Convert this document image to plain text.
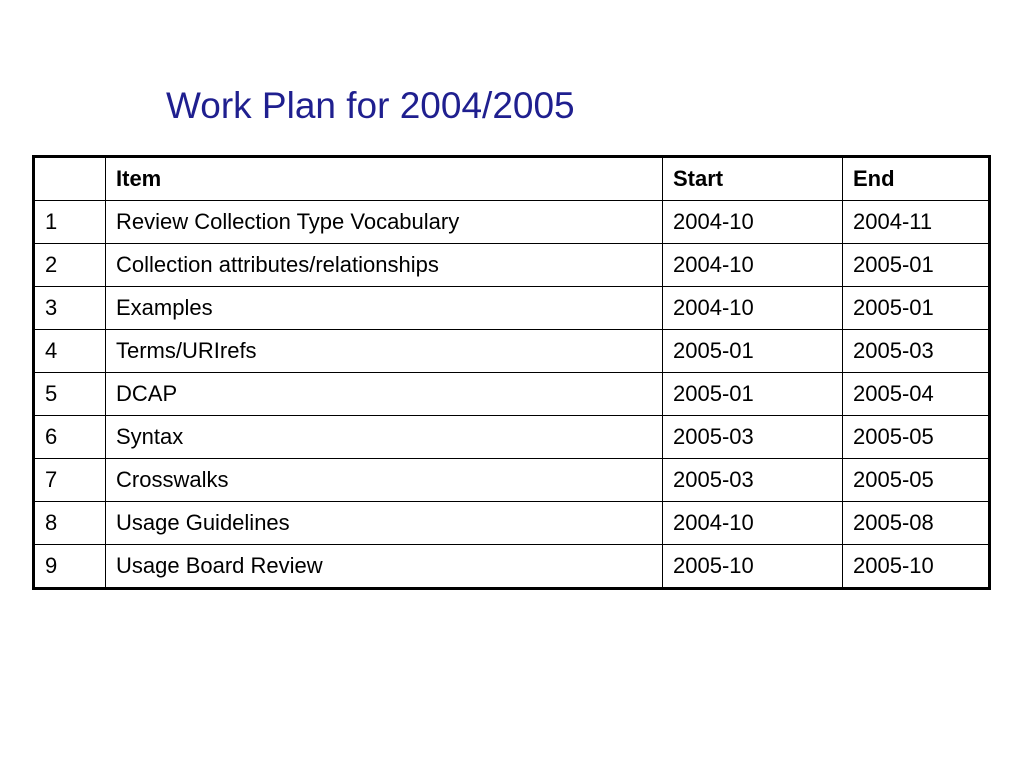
Work Plan for 2004/2005
	Item	Start	End
1	Review Collection Type Vocabulary	2004-10	2004-11
2	Collection attributes/relationships	2004-10	2005-01
3	Examples	2004-10	2005-01
4	Terms/URIrefs	2005-01	2005-03
5	DCAP	2005-01	2005-04
6	Syntax	2005-03	2005-05
7	Crosswalks	2005-03	2005-05
8	Usage Guidelines	2004-10	2005-08
9	Usage Board Review	2005-10	2005-10
